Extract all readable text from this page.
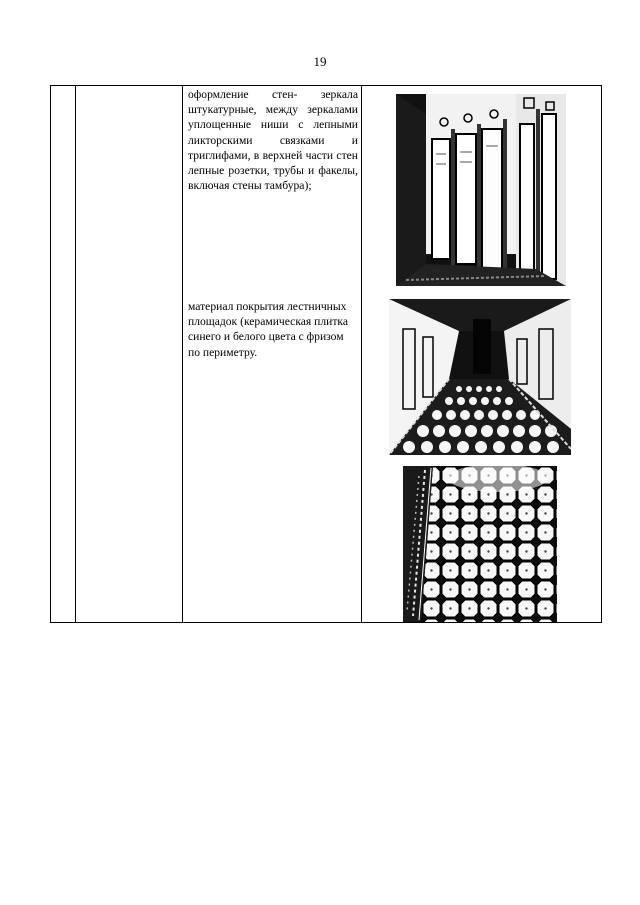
19

оформление стен- зеркала штукатурные, между зеркалами уплощенные ниши с лепными ликторскими связками и триглифами, в верхней части стен лепные розетки, трубы и факелы, включая стены тамбура);
материал покрытия лестничных площадок (керамическая плитка синего и белого цвета с фризом по периметру.
